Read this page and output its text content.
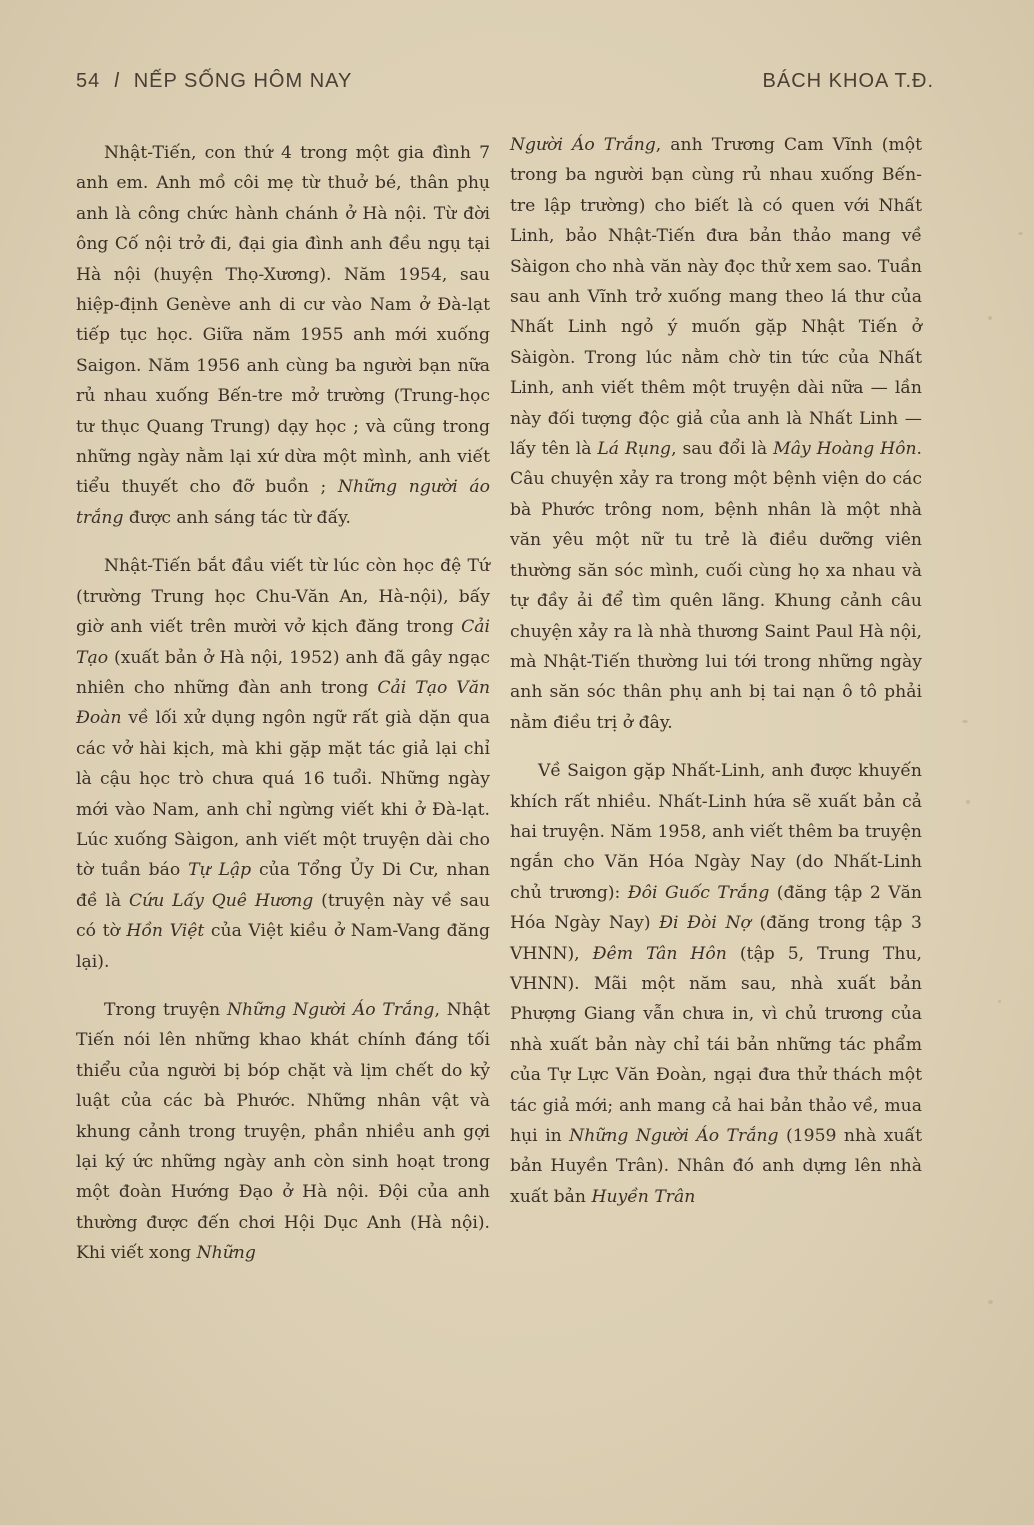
54 l NẾP SỐNG HÔM NAY	BÁCH KHOA T.Đ.

Nhật-Tiến, con thứ 4 trong một gia đình 7 anh em. Anh mồ côi mẹ từ thuở bé, thân phụ anh là công chức hành chánh ở Hà nội. Từ đời ông Cố nội trở đi, đại gia đình anh đều ngụ tại Hà nội (huyện Thọ-Xương). Năm 1954, sau hiệp-định Genève anh di cư vào Nam ở Đà-lạt tiếp tục học. Giữa năm 1955 anh mới xuống Saigon. Năm 1956 anh cùng ba người bạn nữa rủ nhau xuống Bến-tre mở trường (Trung-học tư thục Quang Trung) dạy học ; và cũng trong những ngày nằm lại xứ dừa một mình, anh viết tiểu thuyết cho đỡ buồn ; Những người áo trắng được anh sáng tác từ đấy.

Nhật-Tiến bắt đầu viết từ lúc còn học đệ Tứ (trường Trung học Chu-Văn An, Hà-nội), bấy giờ anh viết trên mười vở kịch đăng trong Cải Tạo (xuất bản ở Hà nội, 1952) anh đã gây ngạc nhiên cho những đàn anh trong Cải Tạo Văn Đoàn về lối xử dụng ngôn ngữ rất già dặn qua các vở hài kịch, mà khi gặp mặt tác giả lại chỉ là cậu học trò chưa quá 16 tuổi. Những ngày mới vào Nam, anh chỉ ngừng viết khi ở Đà-lạt. Lúc xuống Sàigon, anh viết một truyện dài cho tờ tuần báo Tự Lập của Tổng Ủy Di Cư, nhan đề là Cứu Lấy Quê Hương (truyện này về sau có tờ Hồn Việt của Việt kiều ở Nam-Vang đăng lại).

Trong truyện Những Người Áo Trắng, Nhật Tiến nói lên những khao khát chính đáng tối thiểu của người bị bóp chặt và lịm chết do kỷ luật của các bà Phước. Những nhân vật và khung cảnh trong truyện, phần nhiều anh gợi lại ký ức những ngày anh còn sinh hoạt trong một đoàn Hướng Đạo ở Hà nội. Đội của anh thường được đến chơi Hội Dục Anh (Hà nội). Khi viết xong Những

Người Áo Trắng, anh Trương Cam Vĩnh (một trong ba người bạn cùng rủ nhau xuống Bến-tre lập trường) cho biết là có quen với Nhất Linh, bảo Nhật-Tiến đưa bản thảo mang về Sàigon cho nhà văn này đọc thử xem sao. Tuần sau anh Vĩnh trở xuống mang theo lá thư của Nhất Linh ngỏ ý muốn gặp Nhật Tiến ở Sàigòn. Trong lúc nằm chờ tin tức của Nhất Linh, anh viết thêm một truyện dài nữa — lần này đối tượng độc giả của anh là Nhất Linh — lấy tên là Lá Rụng, sau đổi là Mây Hoàng Hôn. Câu chuyện xảy ra trong một bệnh viện do các bà Phước trông nom, bệnh nhân là một nhà văn yêu một nữ tu trẻ là điều dưỡng viên thường săn sóc mình, cuối cùng họ xa nhau và tự đầy ải để tìm quên lãng. Khung cảnh câu chuyện xảy ra là nhà thương Saint Paul Hà nội, mà Nhật-Tiến thường lui tới trong những ngày anh săn sóc thân phụ anh bị tai nạn ô tô phải nằm điều trị ở đây.

Về Saigon gặp Nhất-Linh, anh được khuyến khích rất nhiều. Nhất-Linh hứa sẽ xuất bản cả hai truyện. Năm 1958, anh viết thêm ba truyện ngắn cho Văn Hóa Ngày Nay (do Nhất-Linh chủ trương): Đôi Guốc Trắng (đăng tập 2 Văn Hóa Ngày Nay) Đi Đòi Nợ (đăng trong tập 3 VHNN), Đêm Tân Hôn (tập 5, Trung Thu, VHNN). Mãi một năm sau, nhà xuất bản Phượng Giang vẫn chưa in, vì chủ trương của nhà xuất bản này chỉ tái bản những tác phẩm của Tự Lực Văn Đoàn, ngại đưa thử thách một tác giả mới; anh mang cả hai bản thảo về, mua hụi in Những Người Áo Trắng (1959 nhà xuất bản Huyền Trân). Nhân đó anh dựng lên nhà xuất bản Huyền Trân
